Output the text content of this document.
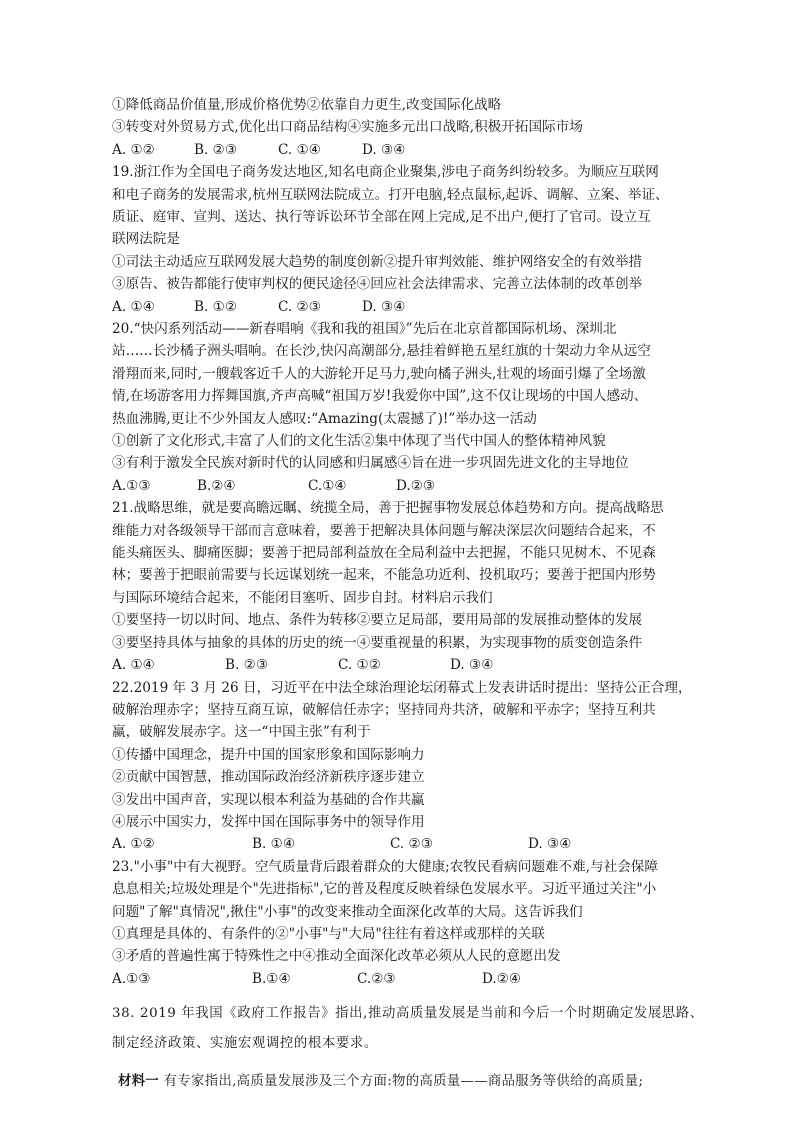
①降低商品价值量,形成价格优势②依靠自力更生,改变国际化战略
③转变对外贸易方式,优化出口商品结构④实施多元出口战略,积极开拓国际市场
A. ①②	B. ②③	C. ①④	D. ③④
19.浙江作为全国电子商务发达地区,知名电商企业聚集,涉电子商务纠纷较多。为顺应互联网
和电子商务的发展需求,杭州互联网法院成立。打开电脑,轻点鼠标,起诉、调解、立案、举证、
质证、庭审、宣判、送达、执行等诉讼环节全部在网上完成,足不出户,便打了官司。设立互
联网法院是
①司法主动适应互联网发展大趋势的制度创新②提升审判效能、维护网络安全的有效举措
③原告、被告都能行使审判权的便民途径④回应社会法律需求、完善立法体制的改革创举
A. ①④	B. ①②	C. ②③	D. ③④
20.“快闪系列活动——新春唱响《我和我的祖国》”先后在北京首都国际机场、深圳北
站……长沙橘子洲头唱响。在长沙,快闪高潮部分,悬挂着鲜艳五星红旗的十架动力伞从远空
滑翔而来,同时,一艘载客近千人的大游轮开足马力,驶向橘子洲头,壮观的场面引爆了全场激
情,在场游客用力挥舞国旗,齐声高喊“祖国万岁!我爱你中国”,这不仅让现场的中国人感动、
热血沸腾,更让不少外国友人感叹:“Amazing(太震撼了)!”举办这一活动
①创新了文化形式,丰富了人们的文化生活②集中体现了当代中国人的整体精神风貌
③有利于激发全民族对新时代的认同感和归属感④旨在进一步巩固先进文化的主导地位
A.①③	B.②④	C.①④	D.②③
21.战略思维，就是要高瞻远瞩、统揽全局，善于把握事物发展总体趋势和方向。提高战略思
维能力对各级领导干部而言意味着，要善于把解决具体问题与解决深层次问题结合起来，不
能头痛医头、脚痛医脚；要善于把局部利益放在全局利益中去把握，不能只见树木、不见森
林；要善于把眼前需要与长远谋划统一起来，不能急功近利、投机取巧；要善于把国内形势
与国际环境结合起来，不能闭目塞听、固步自封。材料启示我们
①要坚持一切以时间、地点、条件为转移②要立足局部，要用局部的发展推动整体的发展
③要坚持具体与抽象的具体的历史的统一④要重视量的积累，为实现事物的质变创造条件
A. ①④	B. ②③	C. ①②	D. ③④
22.2019 年 3 月 26 日，习近平在中法全球治理论坛闭幕式上发表讲话时提出：坚持公正合理，
破解治理赤字；坚持互商互谅，破解信任赤字；坚持同舟共济，破解和平赤字；坚持互利共
赢，破解发展赤字。这一“中国主张”有利于
①传播中国理念，提升中国的国家形象和国际影响力
②贡献中国智慧，推动国际政治经济新秩序逐步建立
③发出中国声音，实现以根本利益为基础的合作共赢
④展示中国实力，发挥中国在国际事务中的领导作用
A. ①②	B. ①④	C. ②③	D. ③④
23."小事"中有大视野。空气质量背后跟着群众的大健康;农牧民看病问题难不难,与社会保障
息息相关;垃圾处理是个"先进指标",它的普及程度反映着绿色发展水平。习近平通过关注"小
问题"了解"真情况",揪住"小事"的改变来推动全面深化改革的大局。这告诉我们
①真理是具体的、有条件的②"小事"与"大局"往往有着这样或那样的关联
③矛盾的普遍性寓于特殊性之中④推动全面深化改革必须从人民的意愿出发
A.①③	B.①④	C.②③	D.②④
38. 2019 年我国《政府工作报告》指出,推动高质量发展是当前和今后一个时期确定发展思路、
制定经济政策、实施宏观调控的根本要求。
材料一 有专家指出,高质量发展涉及三个方面:物的高质量——商品服务等供给的高质量;
